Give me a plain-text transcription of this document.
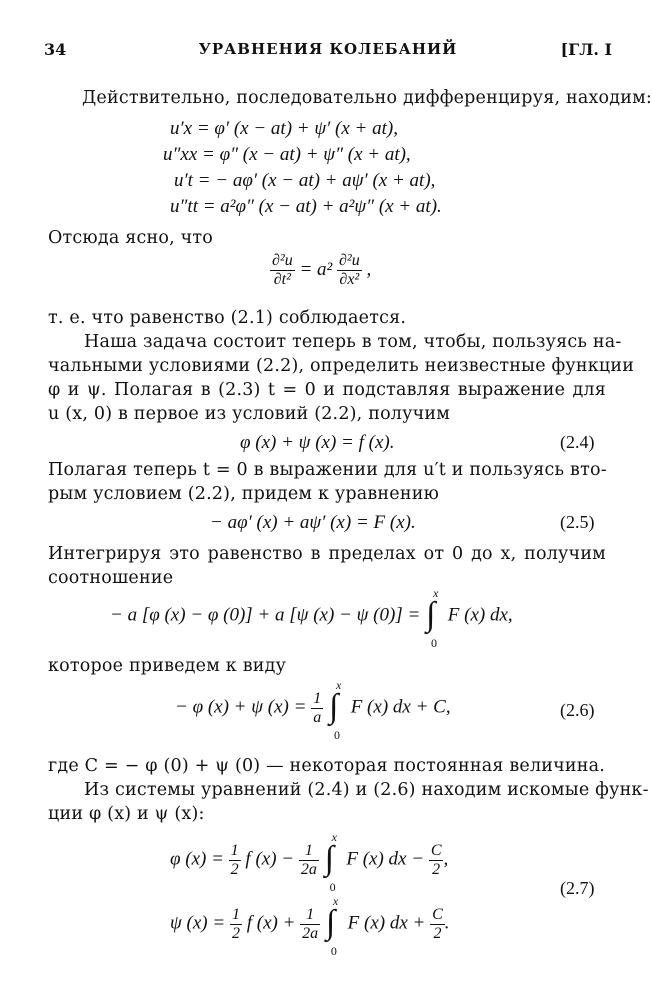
34	УРАВНЕНИЯ КОЛЕБАНИЙ	[ГЛ. I
Действительно, последовательно дифференцируя, находим:
u′x = φ′ (x − at) + ψ′ (x + at),
u″xx = φ″ (x − at) + ψ″ (x + at),
u′t = − aφ′ (x − at) + aψ′ (x + at),
u″tt = a²φ″ (x − at) + a²ψ″ (x + at).
Отсюда ясно, что
$\frac{\text{∂²u}}{\text{∂t²}} = a^2 \frac{\text{∂²u}}{\text{∂x²}}$ ,
т. е. что равенство (2.1) соблюдается.
Наша задача состоит теперь в том, чтобы, пользуясь на-
чальными условиями (2.2), определить неизвестные функции
φ и ψ. Полагая в (2.3) t = 0 и подставляя выражение для
u (x, 0) в первое из условий (2.2), получим
φ (x) + ψ (x) = f (x).	(2.4)
Полагая теперь t = 0 в выражении для u′t и пользуясь вто-
рым условием (2.2), придем к уравнению
− aφ′ (x) + aψ′ (x) = F (x).	(2.5)
Интегрируя это равенство в пределах от 0 до x, получим
соотношение
− a [φ (x) − φ (0)] + a [ψ (x) − ψ (0)] = ∫
x
0
F (x) dx,
которое приведем к виду
− φ (x) + ψ $(x) = \frac{1}{a}$
∫
x
0
F (x) dx + C,	(2.6)
где C = − φ (0) + ψ (0) — некоторая постоянная величина.
Из системы уравнений (2.4) и (2.6) находим искомые функ-
ции φ (x) и ψ (x):
φ $(x) = \frac{1}{2}$ f $(x) - \frac{1}{2a}$
∫
x
0
F (x) dx − $\frac{C}{2}$ ,
(2.7)
ψ $(x) = \frac{1}{2}$ f $(x) + \frac{1}{2a}$
∫
x
0
F (x) dx + $\frac{C}{2}$ .
